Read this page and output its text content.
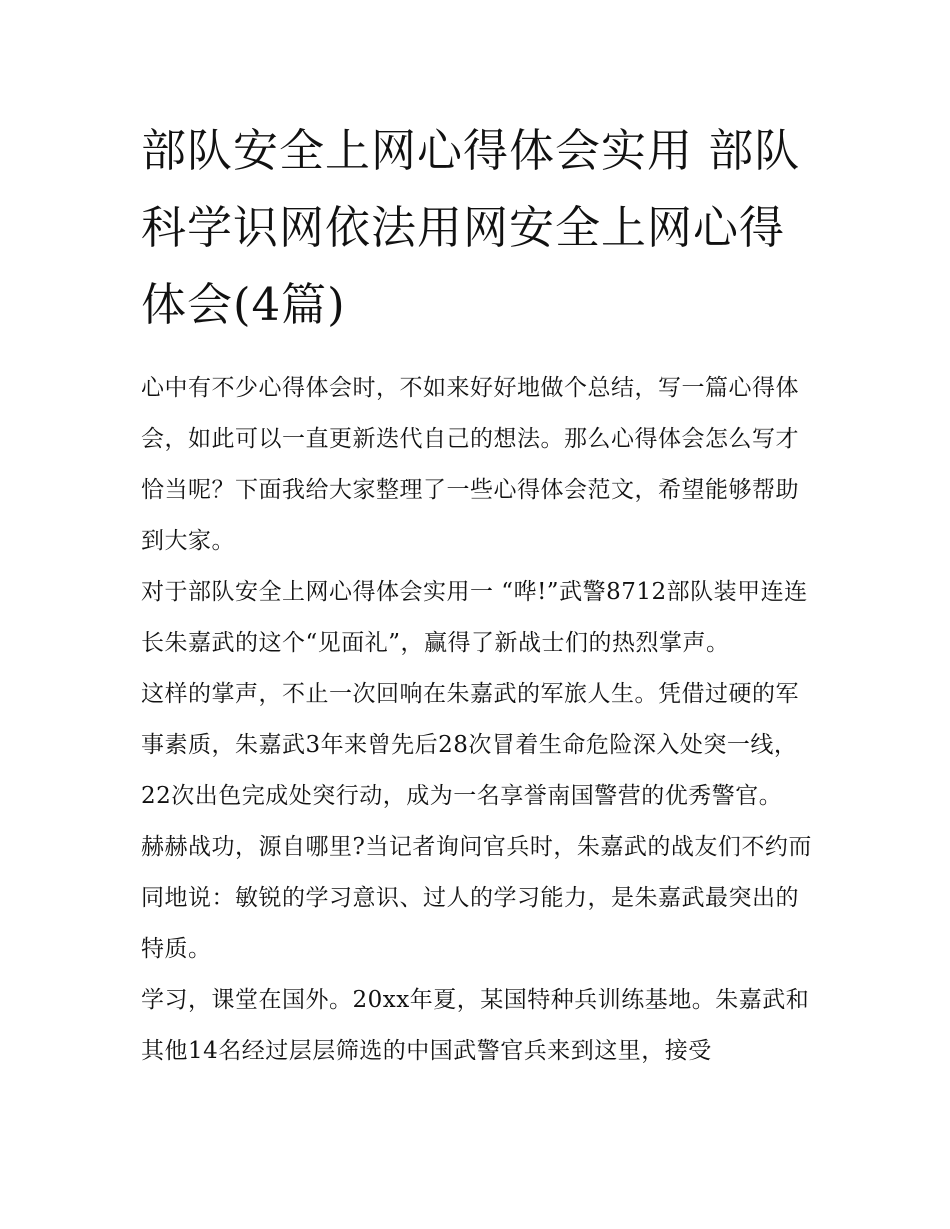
部队安全上网心得体会实用 部队科学识网依法用网安全上网心得体会(4篇)

心中有不少心得体会时，不如来好好地做个总结，写一篇心得体会，如此可以一直更新迭代自己的想法。那么心得体会怎么写才恰当呢？下面我给大家整理了一些心得体会范文，希望能够帮助到大家。

对于部队安全上网心得体会实用一 “哗!”武警8712部队装甲连连长朱嘉武的这个“见面礼”，赢得了新战士们的热烈掌声。

这样的掌声，不止一次回响在朱嘉武的军旅人生。凭借过硬的军事素质，朱嘉武3年来曾先后28次冒着生命危险深入处突一线，22次出色完成处突行动，成为一名享誉南国警营的优秀警官。

赫赫战功，源自哪里?当记者询问官兵时，朱嘉武的战友们不约而同地说：敏锐的学习意识、过人的学习能力，是朱嘉武最突出的特质。

学习，课堂在国外。20xx年夏，某国特种兵训练基地。朱嘉武和其他14名经过层层筛选的中国武警官兵来到这里，接受
